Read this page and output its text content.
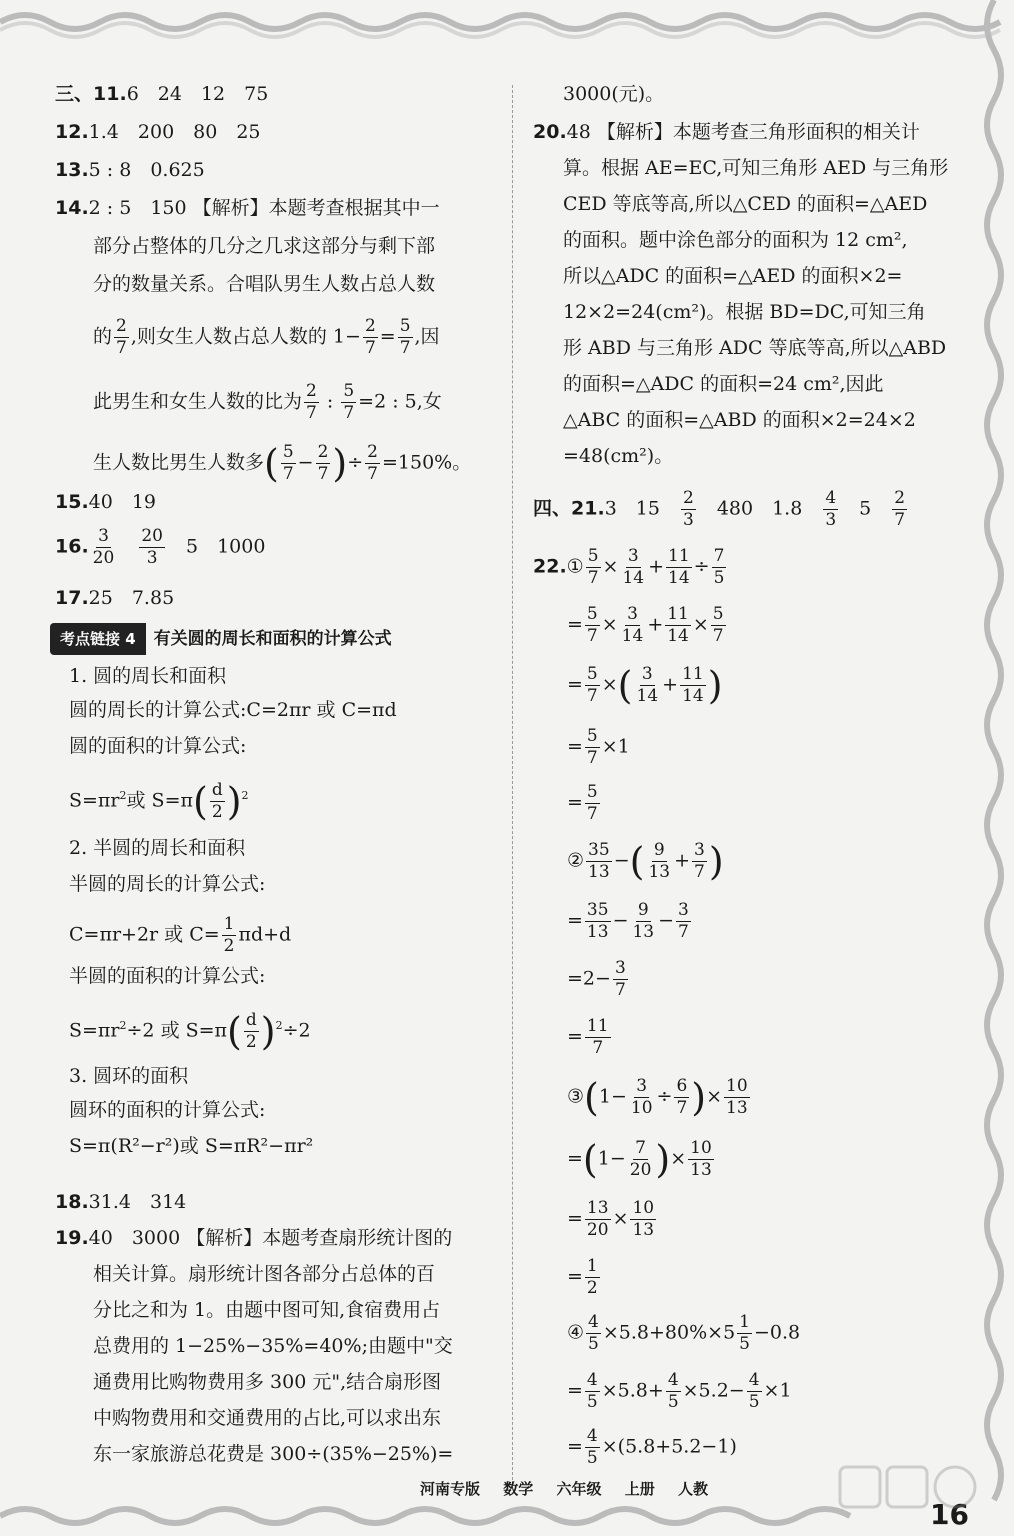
三、11.6　24　12　75
12.1.4　200　80　25
13.5 : 8　0.625
14.2 : 5　150 【解析】本题考查根据其中一
部分占整体的几分之几求这部分与剩下部
分的数量关系。合唱队男生人数占总人数
的 $\frac{2}{7}$ ,则女生人数占总人数的 $1- \frac{2}{7} = \frac{5}{7}$ ,因
此男生和女生人数的比为 $\frac{2}{7}$ : $\frac{5}{7} =2$ : 5,女
生人数比男生人数多( $\frac{5}{7} - \frac{2}{7}$ )÷ $\frac{2}{7} =150\%$。
15.40　19
16. $\frac{3}{20}$
　 $\frac{20}{3}$
　 5　1000
17.25　7.85
考点链接 4 有关圆的周长和面积的计算公式
1. 圆的周长和面积
圆的周长的计算公式:C=2πr 或 C=πd
圆的面积的计算公式:
$S=\pi r^2$或 $S=\pi( \frac{d}{2} )^2$
2. 半圆的周长和面积
半圆的周长的计算公式:
C=πr+2r 或 $C= \frac{1}{2} \pi d+d$
半圆的面积的计算公式:
$S=\pi r^2\div 2$ 或 $S=\pi( \frac{d}{2} )^2\div 2$
3. 圆环的面积
圆环的面积的计算公式:
S=π(R²−r²)或 S=πR²−πr²
18.31.4　314
19.40　3000 【解析】本题考查扇形统计图的
相关计算。扇形统计图各部分占总体的百
分比之和为 1。由题中图可知,食宿费用占
总费用的 1−25%−35%=40%;由题中"交
通费用比购物费用多 300 元",结合扇形图
中购物费用和交通费用的占比,可以求出东
东一家旅游总花费是 300÷(35%−25%)=
3000(元)。
20.48 【解析】本题考查三角形面积的相关计
算。根据 AE=EC,可知三角形 AED 与三角形
CED 等底等高,所以△CED 的面积=△AED
的面积。题中涂色部分的面积为 12 cm²,
所以△ADC 的面积=△AED 的面积×2=
12×2=24(cm²)。根据 BD=DC,可知三角
形 ABD 与三角形 ADC 等底等高,所以△ABD
的面积=△ADC 的面积=24 cm²,因此
△ABC 的面积=△ABD 的面积×2=24×2
=48(cm²)。
四、21.3　15　 $\frac{2}{3}$
　 480　1.8　 $\frac{4}{3}$
　 5　 $\frac{2}{7}$
22.① $\frac{5}{7} \times \frac{3}{14} + \frac{11}{14} \div \frac{7}{5}$
= $\frac{5}{7} \times \frac{3}{14} + \frac{11}{14} \times \frac{5}{7}$
= $\frac{5}{7}$ ×( $\frac{3}{14} + \frac{11}{14}$ )
= $\frac{5}{7} \times 1$
= $\frac{5}{7}$
② $\frac{35}{13}$ −( $\frac{9}{13} + \frac{3}{7}$ )
= $\frac{35}{13} - \frac{9}{13} - \frac{3}{7}$
$=2- \frac{3}{7}$
= $\frac{11}{7}$
③(1− $\frac{3}{10} \div \frac{6}{7}$ )× $\frac{10}{13}$
$=(1- \frac{7}{20}$ )× $\frac{10}{13}$
= $\frac{13}{20} \times \frac{10}{13}$
= $\frac{1}{2}$
④ $\frac{4}{5} \times 5.8+80\%\times 5 \frac{1}{5} -0.8$
= $\frac{4}{5} \times 5.8+ \frac{4}{5} \times 5.2- \frac{4}{5} \times 1$
= $\frac{4}{5} \times(5.8+5.2-1)$
河南专版 数学 六年级 上册 人教
16
